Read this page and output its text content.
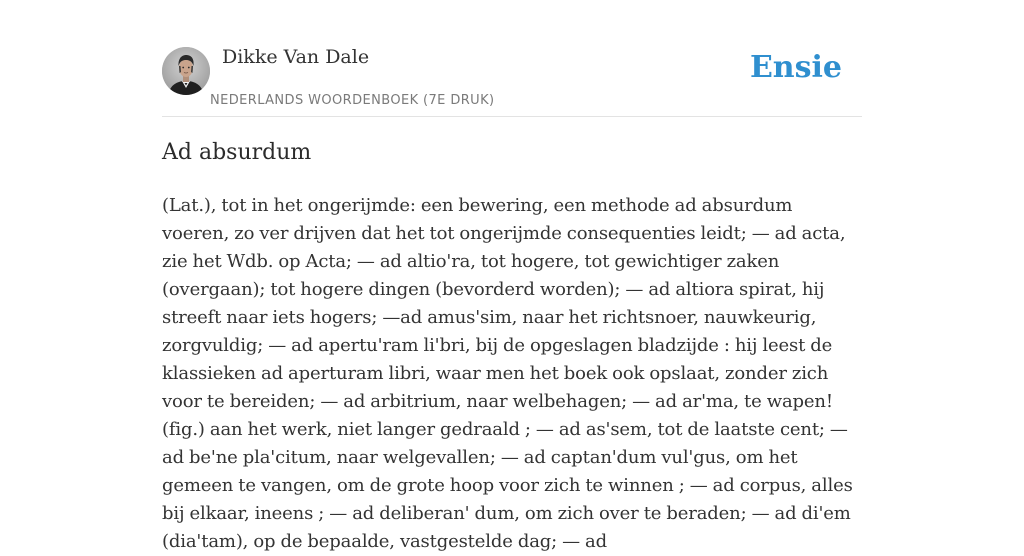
Dikke Van Dale
NEDERLANDS WOORDENBOEK (7E DRUK)
Ensie
Ad absurdum

(Lat.), tot in het ongerijmde: een bewering, een methode ad absurdum voeren, zo ver drijven dat het tot ongerijmde consequenties leidt; — ad acta, zie het Wdb. op Acta; — ad altio'ra, tot hogere, tot gewichtiger zaken (overgaan); tot hogere dingen (bevorderd worden); — ad altiora spirat, hij streeft naar iets hogers; —ad amus'sim, naar het richtsnoer, nauwkeurig, zorgvuldig; — ad apertu'ram li'bri, bij de opgeslagen bladzijde : hij leest de klassieken ad aperturam libri, waar men het boek ook opslaat, zonder zich voor te bereiden; — ad arbitrium, naar welbehagen; — ad ar'ma, te wapen! (fig.) aan het werk, niet langer gedraald ; — ad as'sem, tot de laatste cent; — ad be'ne pla'citum, naar welgevallen; — ad captan'dum vul'gus, om het gemeen te vangen, om de grote hoop voor zich te winnen ; — ad corpus, alles bij elkaar, ineens ; — ad deliberan' dum, om zich over te beraden; — ad di'em (dia'tam), op de bepaalde, vastgestelde dag; — ad
